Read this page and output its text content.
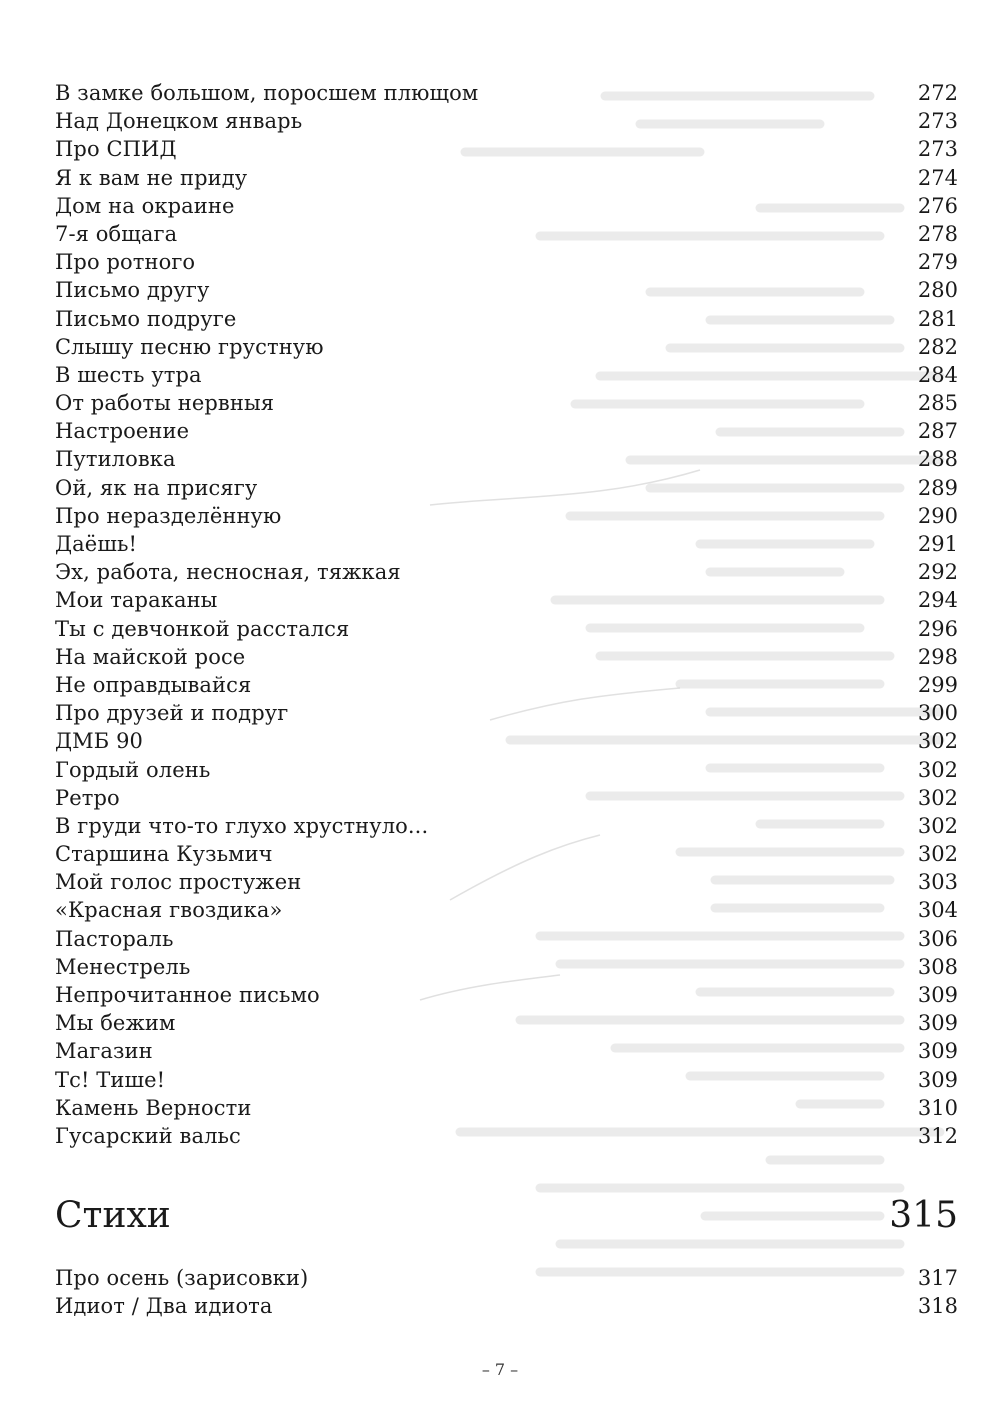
В замке большом, поросшем плющом	272
Над Донецком январь	273
Про СПИД	273
Я к вам не приду	274
Дом на окраине	276
7-я общага	278
Про ротного	279
Письмо другу	280
Письмо подруге	281
Слышу песню грустную	282
В шесть утра	284
От работы нервныя	285
Настроение	287
Путиловка	288
Ой, як на присягу	289
Про неразделённую	290
Даёшь!	291
Эх, работа, несносная, тяжкая	292
Мои тараканы	294
Ты с девчонкой расстался	296
На майской росе	298
Не оправдывайся	299
Про друзей и подруг	300
ДМБ 90	302
Гордый олень	302
Ретро	302
В груди что-то глухо хрустнуло...	302
Старшина Кузьмич	302
Мой голос простужен	303
«Красная гвоздика»	304
Пастораль	306
Менестрель	308
Непрочитанное письмо	309
Мы бежим	309
Магазин	309
Тс! Тише!	309
Камень Верности	310
Гусарский вальс	312
Стихи	315
Про осень (зарисовки)	317
Идиот / Два идиота	318
– 7 –
